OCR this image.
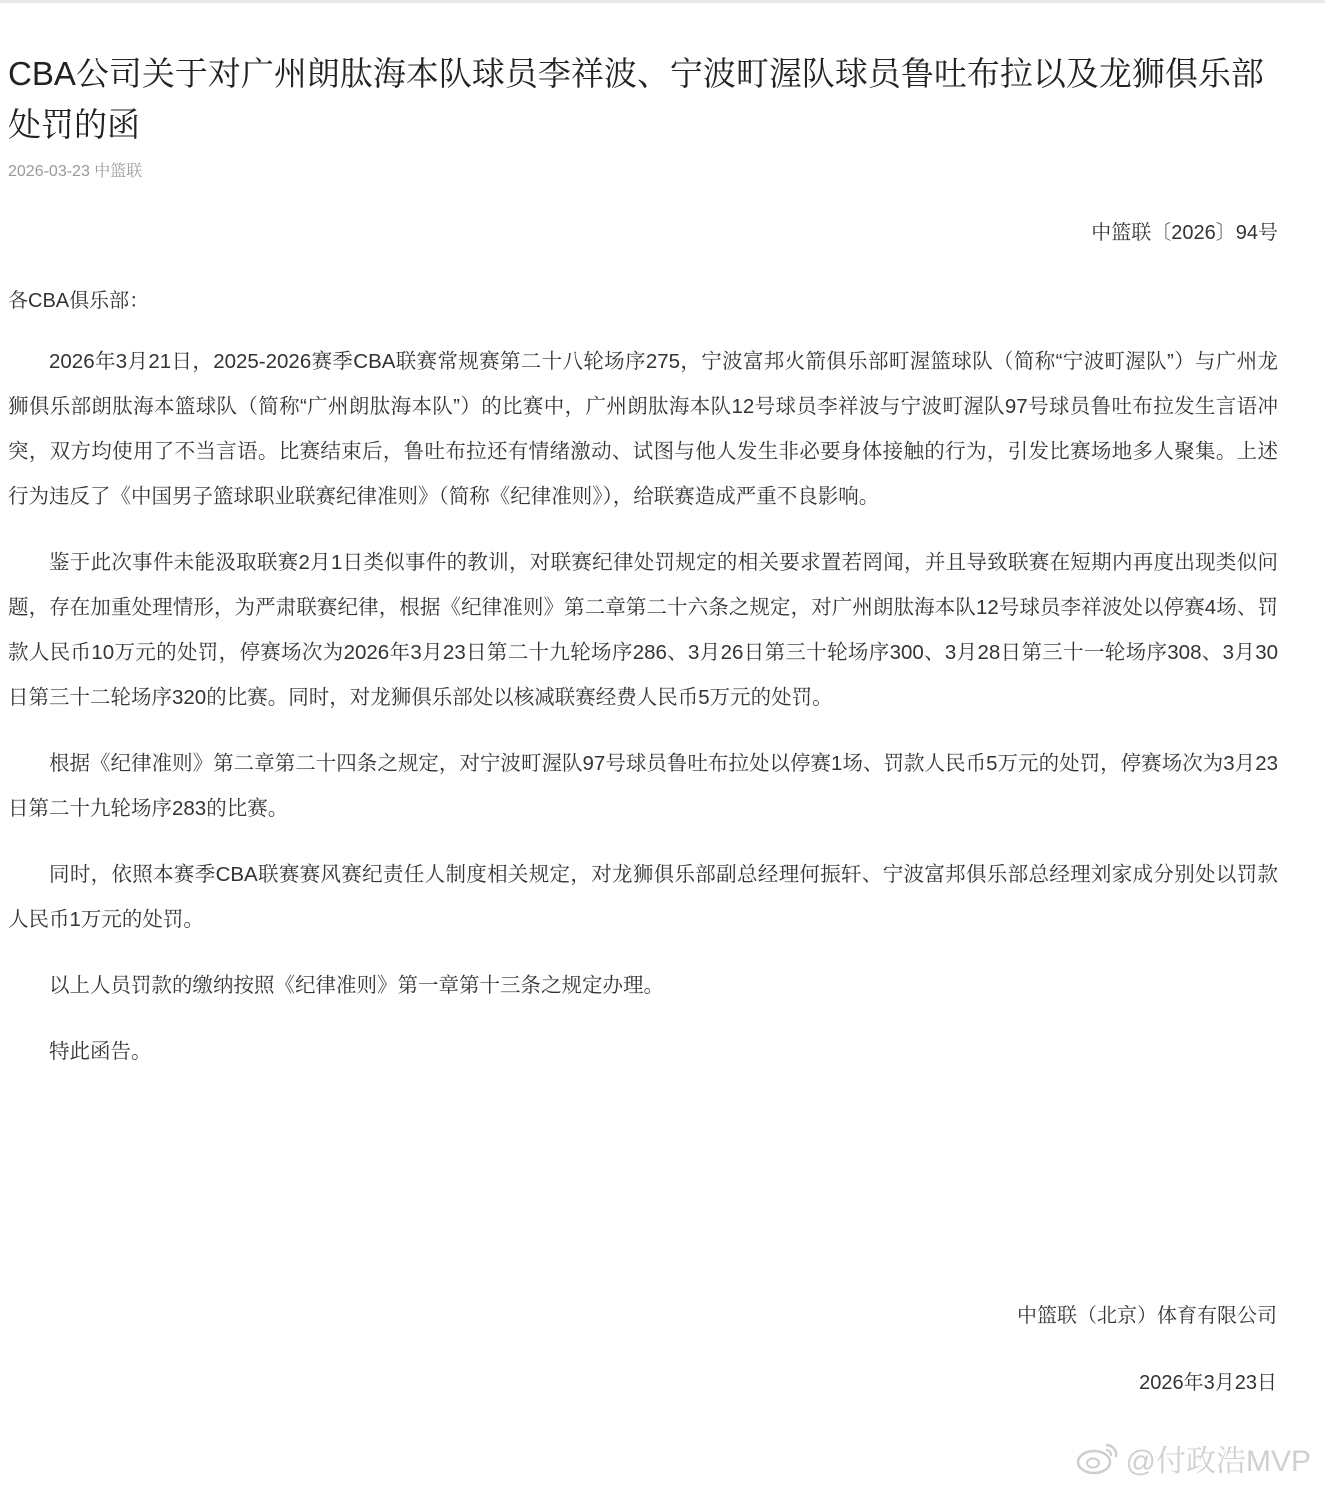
CBA公司关于对广州朗肽海本队球员李祥波、宁波町渥队球员鲁吐布拉以及龙狮俱乐部处罚的函
2026-03-23 中篮联
中篮联〔2026〕94号
各CBA俱乐部：

2026年3月21日，2025-2026赛季CBA联赛常规赛第二十八轮场序275，宁波富邦火箭俱乐部町渥篮球队（简称“宁波町渥队”）与广州龙狮俱乐部朗肽海本篮球队（简称“广州朗肽海本队”）的比赛中，广州朗肽海本队12号球员李祥波与宁波町渥队97号球员鲁吐布拉发生言语冲突，双方均使用了不当言语。比赛结束后，鲁吐布拉还有情绪激动、试图与他人发生非必要身体接触的行为，引发比赛场地多人聚集。上述行为违反了《中国男子篮球职业联赛纪律准则》（简称《纪律准则》），给联赛造成严重不良影响。

鉴于此次事件未能汲取联赛2月1日类似事件的教训，对联赛纪律处罚规定的相关要求置若罔闻，并且导致联赛在短期内再度出现类似问题，存在加重处理情形，为严肃联赛纪律，根据《纪律准则》第二章第二十六条之规定，对广州朗肽海本队12号球员李祥波处以停赛4场、罚款人民币10万元的处罚，停赛场次为2026年3月23日第二十九轮场序286、3月26日第三十轮场序300、3月28日第三十一轮场序308、3月30日第三十二轮场序320的比赛。同时，对龙狮俱乐部处以核减联赛经费人民币5万元的处罚。

根据《纪律准则》第二章第二十四条之规定，对宁波町渥队97号球员鲁吐布拉处以停赛1场、罚款人民币5万元的处罚，停赛场次为3月23日第二十九轮场序283的比赛。

同时，依照本赛季CBA联赛赛风赛纪责任人制度相关规定，对龙狮俱乐部副总经理何振轩、宁波富邦俱乐部总经理刘家成分别处以罚款人民币1万元的处罚。

以上人员罚款的缴纳按照《纪律准则》第一章第十三条之规定办理。

特此函告。

中篮联（北京）体育有限公司
2026年3月23日
@付政浩MVP
